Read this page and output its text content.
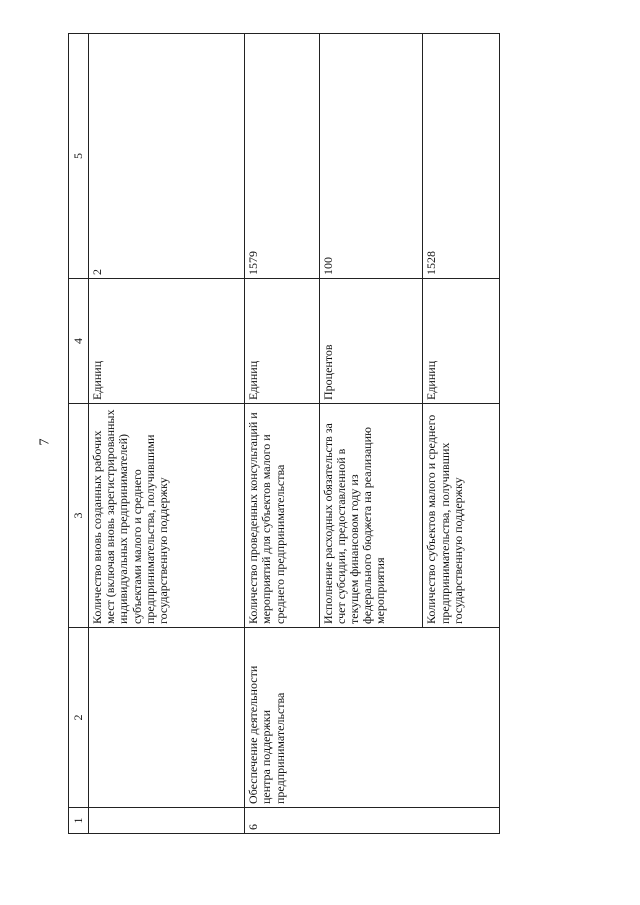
7
1	2	3	4	5
		Количество вновь созданных рабочих мест (включая вновь зарегистрированных индивидуальных предпринимателей) субъектами малого и среднего предпринимательства, получившими государственную поддержку	Единиц	2
6	Обеспечение деятельности центра поддержки предпринимательства	Количество проведенных консультаций и мероприятий для субъектов малого и среднего предпринимательства	Единиц	1579
		Исполнение расходных обязательств за счет субсидии, предоставленной в текущем финансовом году из федерального бюджета на реализацию мероприятия	Процентов	100
		Количество субъектов малого и среднего предпринимательства, получивших государственную поддержку	Единиц	1528
